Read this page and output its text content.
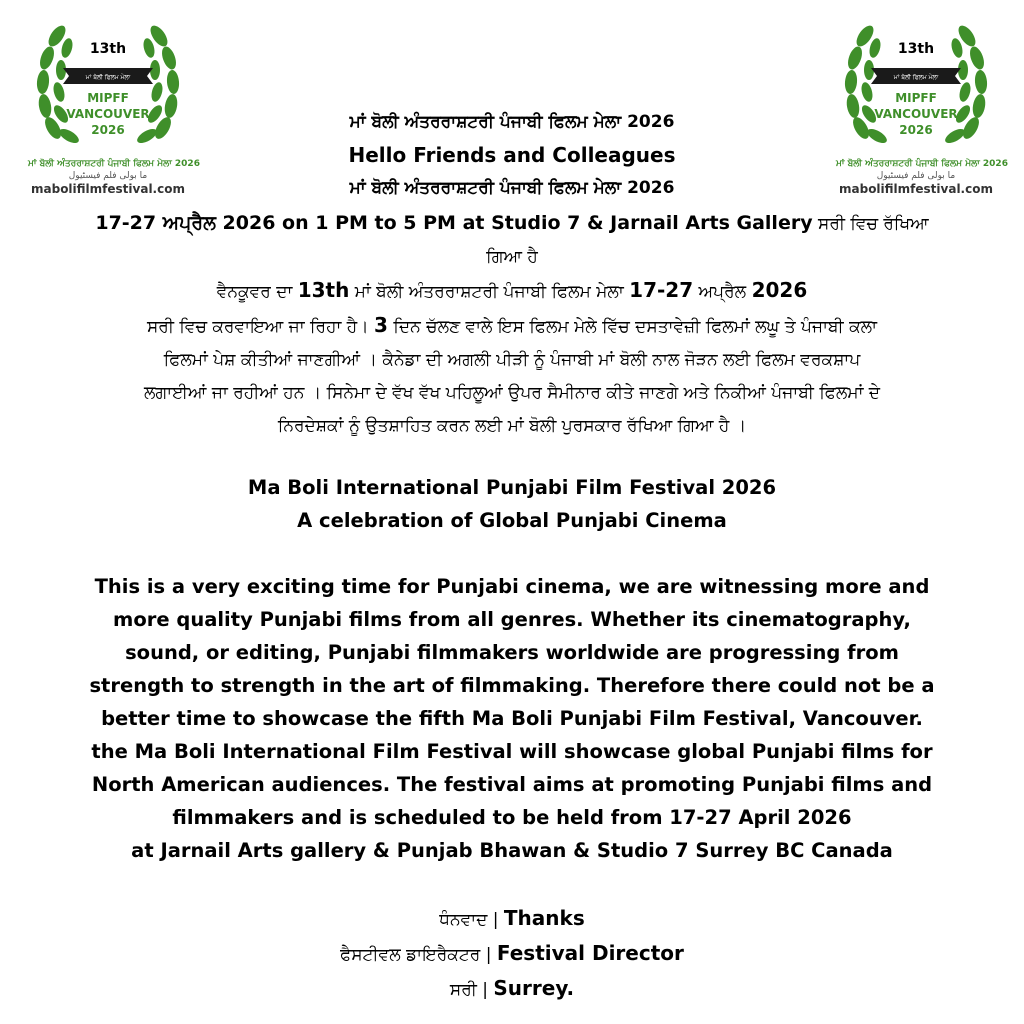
13th
ਮਾਂ ਬੋਲੀ ਫਿਲਮ ਮੇਲਾ
MIPFF
VANCOUVER
2026
ਮਾਂ ਬੋਲੀ ਅੰਤਰਰਾਸ਼ਟਰੀ ਪੰਜਾਬੀ ਫਿਲਮ ਮੇਲਾ 2026
ما بولی فلم فیسٹیول
mabolifilmfestival.com
13th
ਮਾਂ ਬੋਲੀ ਫਿਲਮ ਮੇਲਾ
MIPFF
VANCOUVER
2026
ਮਾਂ ਬੋਲੀ ਅੰਤਰਰਾਸ਼ਟਰੀ ਪੰਜਾਬੀ ਫਿਲਮ ਮੇਲਾ 2026
ما بولی فلم فیسٹیول
mabolifilmfestival.com
ਮਾਂ ਬੋਲੀ ਅੰਤਰਰਾਸ਼ਟਰੀ ਪੰਜਾਬੀ ਫਿਲਮ ਮੇਲਾ 2026
Hello Friends and Colleagues
ਮਾਂ ਬੋਲੀ ਅੰਤਰਰਾਸ਼ਟਰੀ ਪੰਜਾਬੀ ਫਿਲਮ ਮੇਲਾ 2026
17-27 ਅਪ੍ਰੈਲ 2026 on 1 PM to 5 PM at Studio 7 & Jarnail Arts Gallery ਸਰੀ ਵਿਚ ਰੱਖਿਆ
ਗਿਆ ਹੈ
ਵੈਨਕੂਵਰ ਦਾ 13th ਮਾਂ ਬੋਲੀ ਅੰਤਰਰਾਸ਼ਟਰੀ ਪੰਜਾਬੀ ਫਿਲਮ ਮੇਲਾ 17-27 ਅਪ੍ਰੈਲ 2026
ਸਰੀ ਵਿਚ ਕਰਵਾਇਆ ਜਾ ਰਿਹਾ ਹੈ। 3 ਦਿਨ ਚੱਲਣ ਵਾਲੇ ਇਸ ਫਿਲਮ ਮੇਲੇ ਵਿੱਚ ਦਸਤਾਵੇਜ਼ੀ ਫਿਲਮਾਂ ਲਘੂ ਤੇ ਪੰਜਾਬੀ ਕਲਾ
ਫਿਲਮਾਂ ਪੇਸ਼ ਕੀਤੀਆਂ ਜਾਣਗੀਆਂ । ਕੈਨੇਡਾ ਦੀ ਅਗਲੀ ਪੀੜੀ ਨੂੰ ਪੰਜਾਬੀ ਮਾਂ ਬੋਲੀ ਨਾਲ ਜੋੜਨ ਲਈ ਫਿਲਮ ਵਰਕਸ਼ਾਪ
ਲਗਾਈਆਂ ਜਾ ਰਹੀਆਂ ਹਨ । ਸਿਨੇਮਾ ਦੇ ਵੱਖ ਵੱਖ ਪਹਿਲੂਆਂ ਉਪਰ ਸੈਮੀਨਾਰ ਕੀਤੇ ਜਾਣਗੇ ਅਤੇ ਨਿਕੀਆਂ ਪੰਜਾਬੀ ਫਿਲਮਾਂ ਦੇ
ਨਿਰਦੇਸ਼ਕਾਂ ਨੂੰ ਉਤਸ਼ਾਹਿਤ ਕਰਨ ਲਈ ਮਾਂ ਬੋਲੀ ਪੁਰਸਕਾਰ ਰੱਖਿਆ ਗਿਆ ਹੈ ।
Ma Boli International Punjabi Film Festival 2026
A celebration of Global Punjabi Cinema
This is a very exciting time for Punjabi cinema, we are witnessing more and
more quality Punjabi films from all genres. Whether its cinematography,
sound, or editing, Punjabi filmmakers worldwide are progressing from
strength to strength in the art of filmmaking. Therefore there could not be a
better time to showcase the fifth Ma Boli Punjabi Film Festival, Vancouver.
the Ma Boli International Film Festival will showcase global Punjabi films for
North American audiences. The festival aims at promoting Punjabi films and
filmmakers and is scheduled to be held from 17-27 April 2026
at Jarnail Arts gallery & Punjab Bhawan & Studio 7 Surrey BC Canada
ਧੰਨਵਾਦ | Thanks
ਫੈਸਟੀਵਲ ਡਾਇਰੈਕਟਰ | Festival Director
ਸਰੀ | Surrey.
